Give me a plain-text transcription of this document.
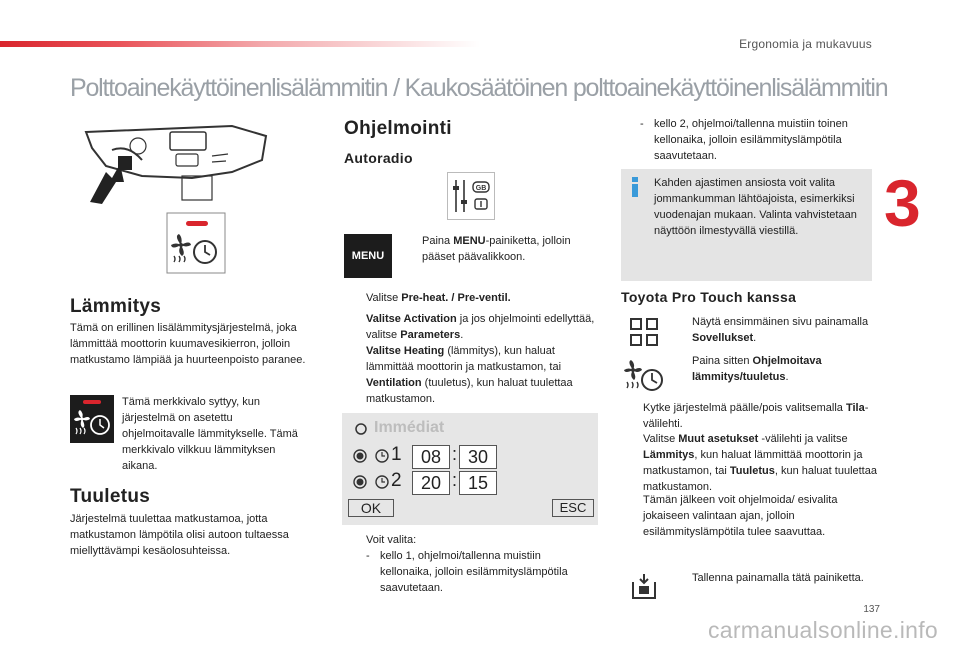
Ergonomia ja mukavuus
Polttoainekäyttöinenlisälämmitin / Kaukosäätöinen polttoainekäyttöinenlisälämmitin
3
Lämmitys
Tämä on erillinen lisälämmitysjärjestelmä, joka lämmittää moottorin kuumavesikierron, jolloin matkustamo lämpiää ja huurteenpoisto paranee.
Tämä merkkivalo syttyy, kun järjestelmä on asetettu ohjelmoitavalle lämmitykselle. Tämä merkkivalo vilkkuu lämmityksen aikana.
Tuuletus
Järjestelmä tuulettaa matkustamoa, jotta matkustamon lämpötila olisi autoon tultaessa miellyttävämpi kesäolosuhteissa.
Ohjelmointi
Autoradio
GB
MENU
Paina MENU-painiketta, jolloin pääset päävalikkoon.
Valitse Pre-heat. / Pre-ventil.
Valitse Activation ja jos ohjelmointi edellyttää, valitse Parameters.
Valitse Heating (lämmitys), kun haluat lämmittää moottorin ja matkustamon, tai Ventilation (tuuletus), kun haluat tuulettaa matkustamon.
Immédiat
1	08 : 30
2	20 : 15
OK	ESC
Voit valita:
- kello 1, ohjelmoi/tallenna muistiin kellonaika, jolloin esilämmityslämpötila saavutetaan.
- kello 2, ohjelmoi/tallenna muistiin toinen kellonaika, jolloin esilämmityslämpötila saavutetaan.
Kahden ajastimen ansiosta voit valita jommankumman lähtöajoista, esimerkiksi vuodenajan mukaan. Valinta vahvistetaan näyttöön ilmestyvällä viestillä.
Toyota Pro Touch kanssa
Näytä ensimmäinen sivu painamalla Sovellukset.
Paina sitten Ohjelmoitava lämmitys/tuuletus.
Kytke järjestelmä päälle/pois valitsemalla Tila-välilehti.
Valitse Muut asetukset -välilehti ja valitse Lämmitys, kun haluat lämmittää moottorin ja matkustamon, tai Tuuletus, kun haluat tuulettaa matkustamon.
Tämän jälkeen voit ohjelmoida/ esivalita jokaiseen valintaan ajan, jolloin esilämmityslämpötila tulee saavuttaa.
Tallenna painamalla tätä painiketta.
137
carmanualsonline.info
